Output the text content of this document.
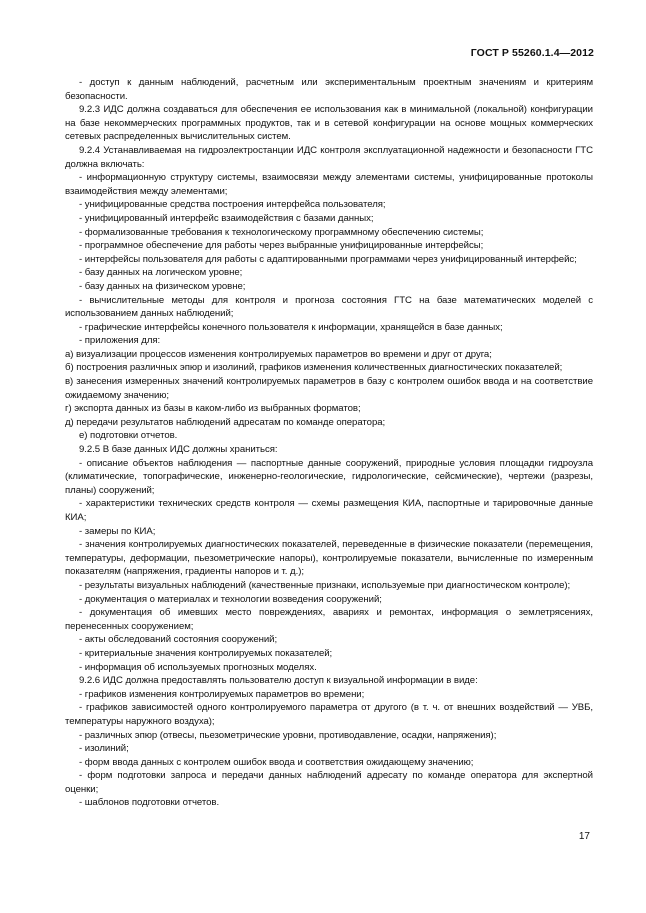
ГОСТ Р 55260.1.4—2012

- доступ к данным наблюдений, расчетным или экспериментальным проектным значениям и критериям безопасности.

9.2.3 ИДС должна создаваться для обеспечения ее использования как в минимальной (локальной) конфигурации на базе некоммерческих программных продуктов, так и в сетевой конфигурации на основе мощных коммерческих сетевых распределенных вычислительных систем.

9.2.4 Устанавливаемая на гидроэлектростанции ИДС контроля эксплуатационной надежности и безопасности ГТС должна включать:

- информационную структуру системы, взаимосвязи между элементами системы, унифицированные протоколы взаимодействия между элементами;

- унифицированные средства построения интерфейса пользователя;

- унифицированный интерфейс взаимодействия с базами данных;

- формализованные требования к технологическому программному обеспечению системы;

- программное обеспечение для работы через выбранные унифицированные интерфейсы;

- интерфейсы пользователя для работы с адаптированными программами через унифицированный интерфейс;

- базу данных на логическом уровне;

- базу данных на физическом уровне;

- вычислительные методы для контроля и прогноза состояния ГТС на базе математических моделей с использованием данных наблюдений;

- графические интерфейсы конечного пользователя к информации, хранящейся в базе данных;

- приложения для:

а) визуализации процессов изменения контролируемых параметров во времени и друг от друга;

б) построения различных эпюр и изолиний, графиков изменения количественных диагностических показателей;

в) занесения измеренных значений контролируемых параметров в базу с контролем ошибок ввода и на соответствие ожидаемому значению;

г) экспорта данных из базы в каком-либо из выбранных форматов;

д) передачи результатов наблюдений адресатам по команде оператора;

е) подготовки отчетов.

9.2.5 В базе данных ИДС должны храниться:

- описание объектов наблюдения — паспортные данные сооружений, природные условия площадки гидроузла (климатические, топографические, инженерно-геологические, гидрологические, сейсмические), чертежи (разрезы, планы) сооружений;

- характеристики технических средств контроля — схемы размещения КИА, паспортные и тарировочные данные КИА;

- замеры по КИА;

- значения контролируемых диагностических показателей, переведенные в физические показатели (перемещения, температуры, деформации, пьезометрические напоры), контролируемые показатели, вычисленные по измеренным показателям (напряжения, градиенты напоров и т. д.);

- результаты визуальных наблюдений (качественные признаки, используемые при диагностическом контроле);

- документация о материалах и технологии возведения сооружений;

- документация об имевших место повреждениях, авариях и ремонтах, информация о землетрясениях, перенесенных сооружением;

- акты обследований состояния сооружений;

- критериальные значения контролируемых показателей;

- информация об используемых прогнозных моделях.

9.2.6 ИДС должна предоставлять пользователю доступ к визуальной информации в виде:

- графиков изменения контролируемых параметров во времени;

- графиков зависимостей одного контролируемого параметра от другого (в т. ч. от внешних воздействий — УВБ, температуры наружного воздуха);

- различных эпюр (отвесы, пьезометрические уровни, противодавление, осадки, напряжения);

- изолиний;

- форм ввода данных с контролем ошибок ввода и соответствия ожидающему значению;

- форм подготовки запроса и передачи данных наблюдений адресату по команде оператора для экспертной оценки;

- шаблонов подготовки отчетов.

17
